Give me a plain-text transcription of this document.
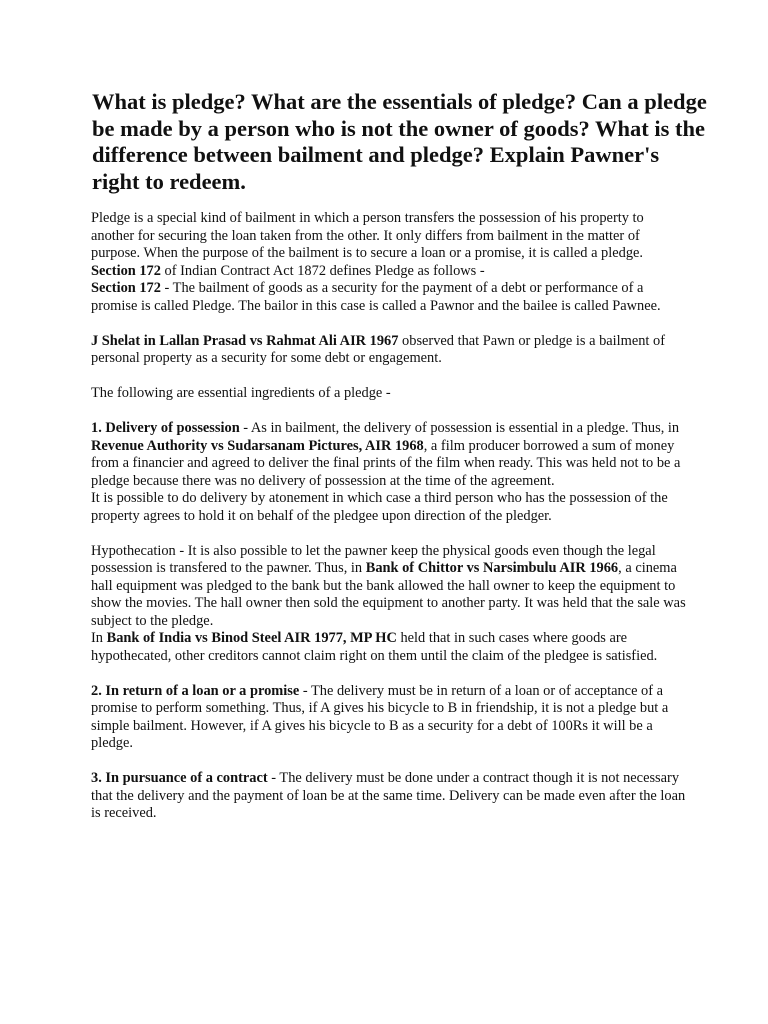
What is pledge? What are the essentials of pledge? Can a pledge be made by a person who is not the owner of goods? What is the difference between bailment and pledge? Explain Pawner's right to redeem.

Pledge is a special kind of bailment in which a person transfers the possession of his property to another for securing the loan taken from the other. It only differs from bailment in the matter of purpose. When the purpose of the bailment is to secure a loan or a promise, it is called a pledge.
Section 172 of Indian Contract Act 1872 defines Pledge as follows -
Section 172 - The bailment of goods as a security for the payment of a debt or performance of a promise is called Pledge. The bailor in this case is called a Pawnor and the bailee is called Pawnee.

J Shelat in Lallan Prasad vs Rahmat Ali AIR 1967 observed that Pawn or pledge is a bailment of personal property as a security for some debt or engagement.

The following are essential ingredients of a pledge -

1. Delivery of possession - As in bailment, the delivery of possession is essential in a pledge. Thus, in Revenue Authority vs Sudarsanam Pictures, AIR 1968, a film producer borrowed a sum of money from a financier and agreed to deliver the final prints of the film when ready. This was held not to be a pledge because there was no delivery of possession at the time of the agreement.
It is possible to do delivery by atonement in which case a third person who has the possession of the property agrees to hold it on behalf of the pledgee upon direction of the pledger.

Hypothecation - It is also possible to let the pawner keep the physical goods even though the legal possession is transfered to the pawner. Thus, in Bank of Chittor vs Narsimbulu AIR 1966, a cinema hall equipment was pledged to the bank but the bank allowed the hall owner to keep the equipment to show the movies. The hall owner then sold the equipment to another party. It was held that the sale was subject to the pledge.
In Bank of India vs Binod Steel AIR 1977, MP HC held that in such cases where goods are hypothecated, other creditors cannot claim right on them until the claim of the pledgee is satisfied.

2. In return of a loan or a promise - The delivery must be in return of a loan or of acceptance of a promise to perform something. Thus, if A gives his bicycle to B in friendship, it is not a pledge but a simple bailment. However, if A gives his bicycle to B as a security for a debt of 100Rs it will be a pledge.

3. In pursuance of a contract - The delivery must be done under a contract though it is not necessary that the delivery and the payment of loan be at the same time. Delivery can be made even after the loan is received.
